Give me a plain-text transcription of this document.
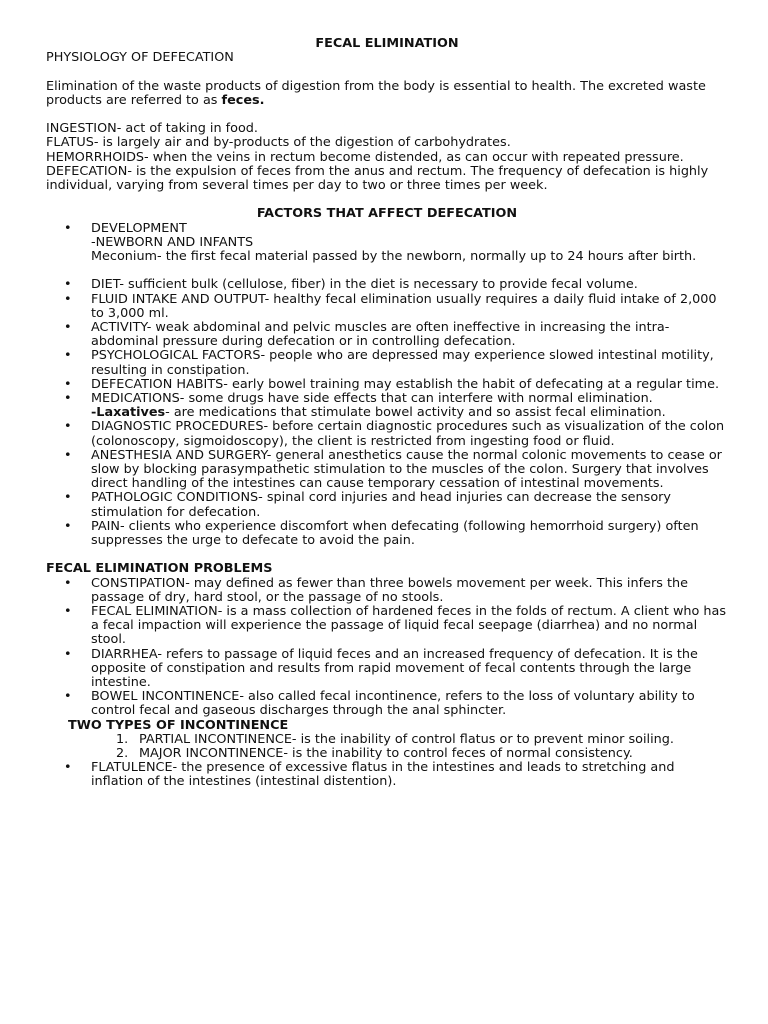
FECAL ELIMINATION

PHYSIOLOGY OF DEFECATION

Elimination of the waste products of digestion from the body is essential to health. The excreted waste products are referred to as feces.

INGESTION- act of taking in food.

FLATUS- is largely air and by-products of the digestion of carbohydrates.

HEMORRHOIDS- when the veins in rectum become distended, as can occur with repeated pressure.

DEFECATION- is the expulsion of feces from the anus and rectum. The frequency of defecation is highly individual, varying from several times per day to two or three times per week.

FACTORS THAT AFFECT DEFECATION

• DEVELOPMENT
-NEWBORN AND INFANTS
Meconium- the first fecal material passed by the newborn, normally up to 24 hours after birth.
• DIET- sufficient bulk (cellulose, fiber) in the diet is necessary to provide fecal volume.
• FLUID INTAKE AND OUTPUT- healthy fecal elimination usually requires a daily fluid intake of 2,000 to 3,000 ml.
• ACTIVITY- weak abdominal and pelvic muscles are often ineffective in increasing the intra-abdominal pressure during defecation or in controlling defecation.
• PSYCHOLOGICAL FACTORS- people who are depressed may experience slowed intestinal motility, resulting in constipation.
• DEFECATION HABITS- early bowel training may establish the habit of defecating at a regular time.
• MEDICATIONS- some drugs have side effects that can interfere with normal elimination.
-Laxatives- are medications that stimulate bowel activity and so assist fecal elimination.
• DIAGNOSTIC PROCEDURES- before certain diagnostic procedures such as visualization of the colon (colonoscopy, sigmoidoscopy), the client is restricted from ingesting food or fluid.
• ANESTHESIA AND SURGERY- general anesthetics cause the normal colonic movements to cease or slow by blocking parasympathetic stimulation to the muscles of the colon. Surgery that involves direct handling of the intestines can cause temporary cessation of intestinal movements.
• PATHOLOGIC CONDITIONS- spinal cord injuries and head injuries can decrease the sensory stimulation for defecation.
• PAIN- clients who experience discomfort when defecating (following hemorrhoid surgery) often suppresses the urge to defecate to avoid the pain.

FECAL ELIMINATION PROBLEMS

• CONSTIPATION- may defined as fewer than three bowels movement per week. This infers the passage of dry, hard stool, or the passage of no stools.
• FECAL ELIMINATION- is a mass collection of hardened feces in the folds of rectum. A client who has a fecal impaction will experience the passage of liquid fecal seepage (diarrhea) and no normal stool.
• DIARRHEA- refers to passage of liquid feces and an increased frequency of defecation. It is the opposite of constipation and results from rapid movement of fecal contents through the large intestine.
• BOWEL INCONTINENCE- also called fecal incontinence, refers to the loss of voluntary ability to control fecal and gaseous discharges through the anal sphincter.

TWO TYPES OF INCONTINENCE

1. PARTIAL INCONTINENCE- is the inability of control flatus or to prevent minor soiling.
2. MAJOR INCONTINENCE- is the inability to control feces of normal consistency.
• FLATULENCE- the presence of excessive flatus in the intestines and leads to stretching and inflation of the intestines (intestinal distention).
